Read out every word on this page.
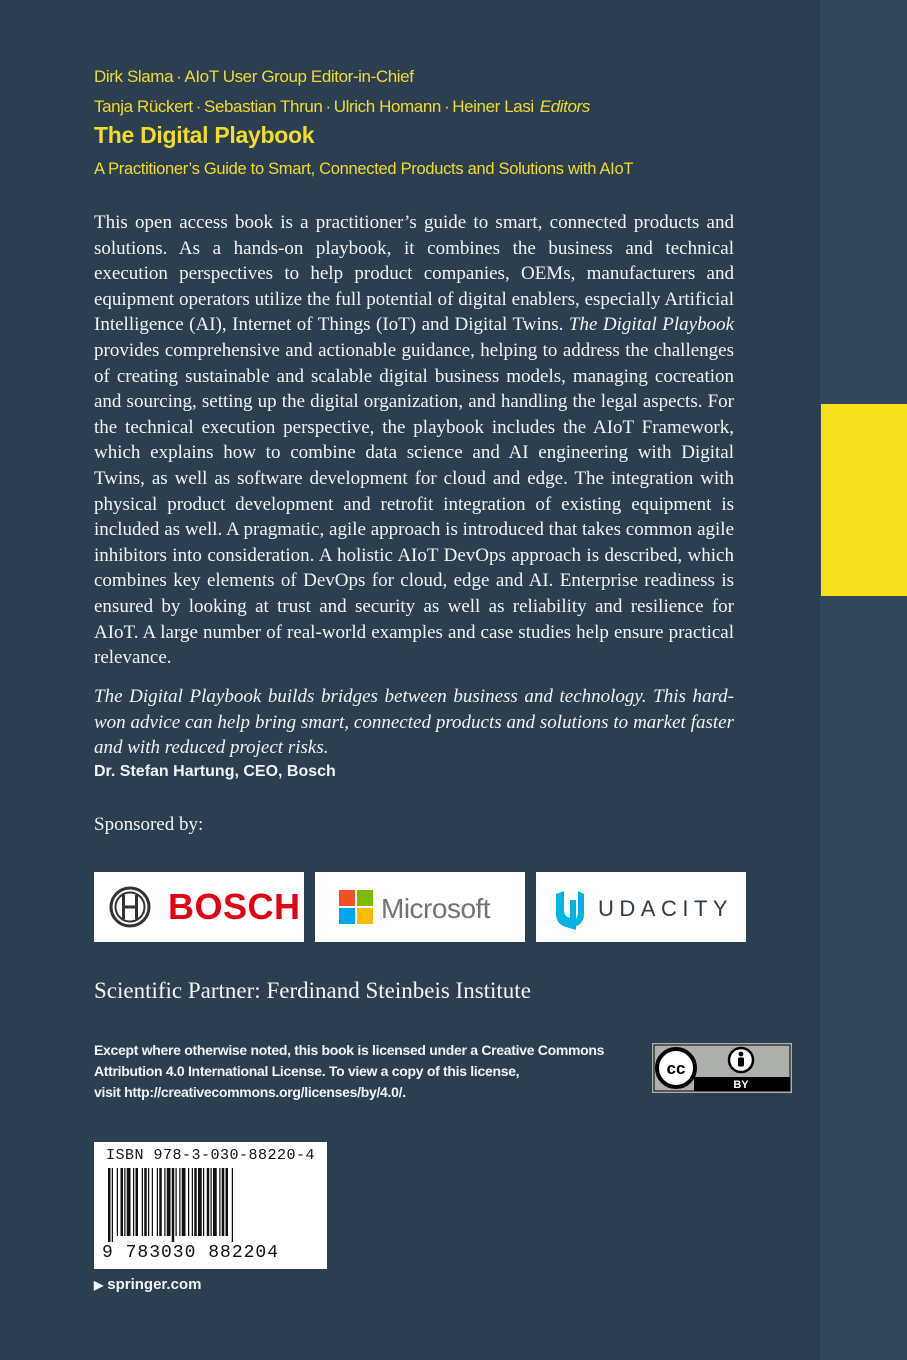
Dirk Slama · AIoT User Group Editor-in-Chief
Tanja Rückert · Sebastian Thrun · Ulrich Homann · Heiner Lasi Editors
The Digital Playbook
A Practitioner’s Guide to Smart, Connected Products and Solutions with AIoT

This open access book is a practitioner’s guide to smart, connected products and solutions. As a hands-on playbook, it combines the business and technical execution perspectives to help product companies, OEMs, manufacturers and equipment operators utilize the full potential of digital enablers, especially Artificial Intelligence (AI), Internet of Things (IoT) and Digital Twins. The Digital Playbook provides comprehensive and actionable guidance, helping to address the challenges of creating sustainable and scalable digital business models, managing cocreation and sourcing, setting up the digital organization, and handling the legal aspects. For the technical execution perspective, the playbook includes the AIoT Framework, which explains how to combine data science and AI engineering with Digital Twins, as well as software development for cloud and edge. The integration with physical product development and retrofit integration of existing equipment is included as well. A pragmatic, agile approach is introduced that takes common agile inhibitors into consideration. A holistic AIoT DevOps approach is described, which combines key elements of DevOps for cloud, edge and AI. Enterprise readiness is ensured by looking at trust and security as well as reliability and resilience for AIoT. A large number of real-world examples and case studies help ensure practical relevance.

The Digital Playbook builds bridges between business and technology. This hard-won advice can help bring smart, connected products and solutions to market faster and with reduced project risks.

Dr. Stefan Hartung, CEO, Bosch
Sponsored by:
BOSCH	Microsoft	UDACITY
Scientific Partner: Ferdinand Steinbeis Institute
Except where otherwise noted, this book is licensed under a Creative Commons
Attribution 4.0 International License. To view a copy of this license,
visit http://creativecommons.org/licenses/by/4.0/.
cc
BY
ISBN 978-3-030-88220-4
9 783030 882204
▶ springer.com
